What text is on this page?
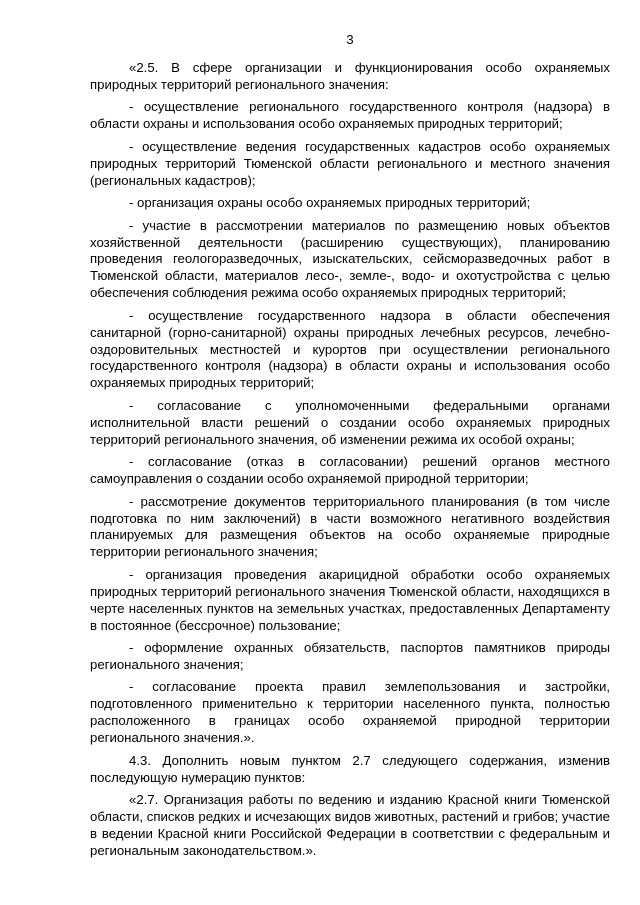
3

«2.5. В сфере организации и функционирования особо охраняемых природных территорий регионального значения:

- осуществление регионального государственного контроля (надзора) в области охраны и использования особо охраняемых природных территорий;

- осуществление ведения государственных кадастров особо охраняемых природных территорий Тюменской области регионального и местного значения (региональных кадастров);

- организация охраны особо охраняемых природных территорий;

- участие в рассмотрении материалов по размещению новых объектов хозяйственной деятельности (расширению существующих), планированию проведения геологоразведочных, изыскательских, сейсморазведочных работ в Тюменской области, материалов лесо-, земле-, водо- и охотустройства с целью обеспечения соблюдения режима особо охраняемых природных территорий;

- осуществление государственного надзора в области обеспечения санитарной (горно-санитарной) охраны природных лечебных ресурсов, лечебно-оздоровительных местностей и курортов при осуществлении регионального государственного контроля (надзора) в области охраны и использования особо охраняемых природных территорий;

- согласование с уполномоченными федеральными органами исполнительной власти решений о создании особо охраняемых природных территорий регионального значения, об изменении режима их особой охраны;

- согласование (отказ в согласовании) решений органов местного самоуправления о создании особо охраняемой природной территории;

- рассмотрение документов территориального планирования (в том числе подготовка по ним заключений) в части возможного негативного воздействия планируемых для размещения объектов на особо охраняемые природные территории регионального значения;

- организация проведения акарицидной обработки особо охраняемых природных территорий регионального значения Тюменской области, находящихся в черте населенных пунктов на земельных участках, предоставленных Департаменту в постоянное (бессрочное) пользование;

- оформление охранных обязательств, паспортов памятников природы регионального значения;

- согласование проекта правил землепользования и застройки, подготовленного применительно к территории населенного пункта, полностью расположенного в границах особо охраняемой природной территории регионального значения.».

4.3. Дополнить новым пунктом 2.7 следующего содержания, изменив последующую нумерацию пунктов:

«2.7. Организация работы по ведению и изданию Красной книги Тюменской области, списков редких и исчезающих видов животных, растений и грибов; участие в ведении Красной книги Российской Федерации в соответствии с федеральным и региональным законодательством.».
